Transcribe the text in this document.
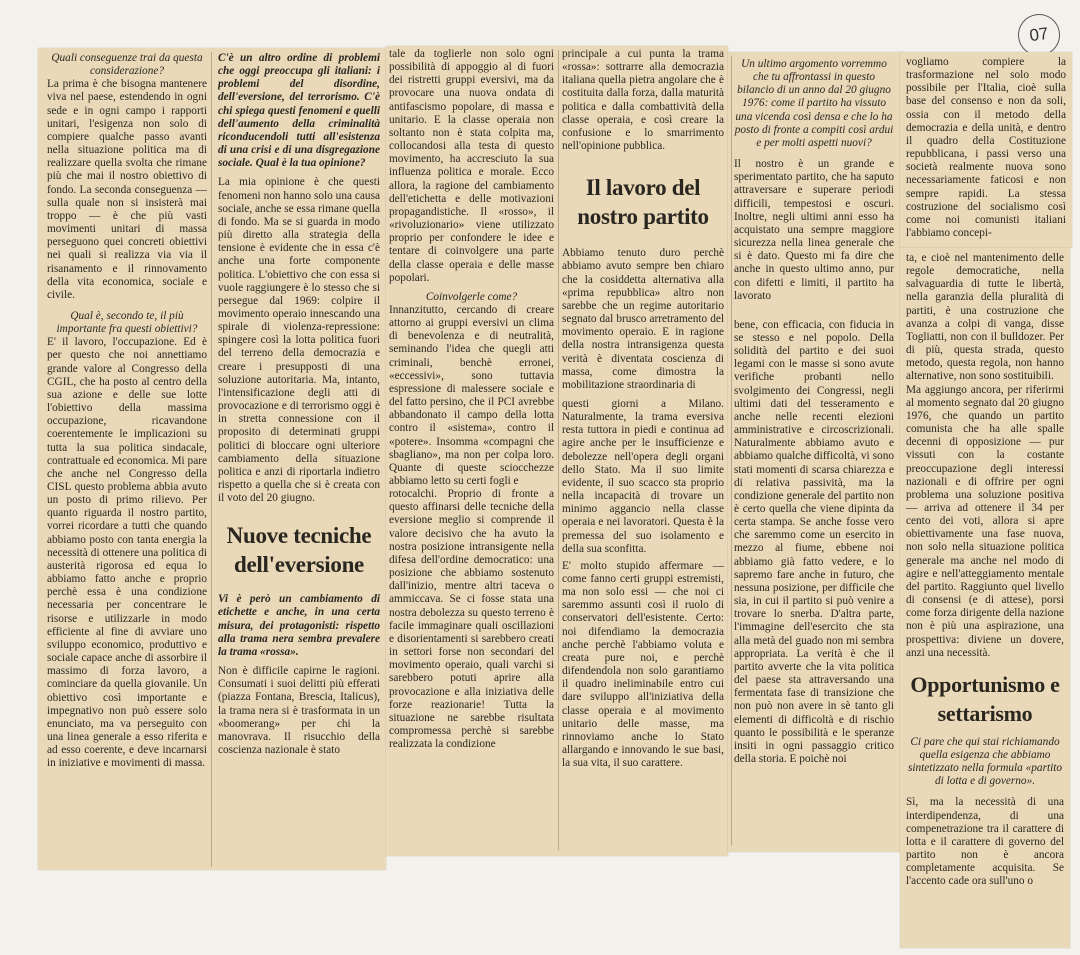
07

Quali conseguenze trai da questa considerazione?

La prima è che bisogna mantenere viva nel paese, estendendo in ogni sede e in ogni campo i rapporti unitari, l'esigenza non solo di compiere qualche passo avanti nella situazione politica ma di realizzare quella svolta che rimane più che mai il nostro obiettivo di fondo. La seconda conseguenza — sulla quale non si insisterà mai troppo — è che più vasti movimenti unitari di massa perseguono quei concreti obiettivi nei quali si realizza via via il risanamento e il rinnovamento della vita economica, sociale e civile.

Qual è, secondo te, il più importante fra questi obiettivi?

E' il lavoro, l'occupazione. Ed è per questo che noi annettiamo grande valore al Congresso della CGIL, che ha posto al centro della sua azione e delle sue lotte l'obiettivo della massima occupazione, ricavandone coerentemente le implicazioni su tutta la sua politica sindacale, contrattuale ed economica. Mi pare che anche nel Congresso della CISL questo problema abbia avuto un posto di primo rilievo. Per quanto riguarda il nostro partito, vorrei ricordare a tutti che quando abbiamo posto con tanta energia la necessità di ottenere una politica di austerità rigorosa ed equa lo abbiamo fatto anche e proprio perchè essa è una condizione necessaria per concentrare le risorse e utilizzarle in modo efficiente al fine di avviare uno sviluppo economico, produttivo e sociale capace anche di assorbire il massimo di forza lavoro, a cominciare da quella giovanile. Un obiettivo così importante e impegnativo non può essere solo enunciato, ma va perseguito con una linea generale a esso riferita e ad esso coerente, e deve incarnarsi in iniziative e movimenti di massa.

C'è un altro ordine di problemi che oggi preoccupa gli italiani: i problemi del disordine, dell'eversione, del terrorismo. C'è chi spiega questi fenomeni e quelli dell'aumento della criminalità riconducendoli tutti all'esistenza di una crisi e di una disgregazione sociale. Qual è la tua opinione?

La mia opinione è che questi fenomeni non hanno solo una causa sociale, anche se essa rimane quella di fondo. Ma se si guarda in modo più diretto alla strategia della tensione è evidente che in essa c'è anche una forte componente politica. L'obiettivo che con essa si vuole raggiungere è lo stesso che si persegue dal 1969: colpire il movimento operaio innescando una spirale di violenza-repressione: spingere così la lotta politica fuori del terreno della democrazia e creare i presupposti di una soluzione autoritaria. Ma, intanto, l'intensificazione degli atti di provocazione e di terrorismo oggi è in stretta connessione con il proposito di determinati gruppi politici di bloccare ogni ulteriore cambiamento della situazione politica e anzi di riportarla indietro rispetto a quella che si è creata con il voto del 20 giugno.

Nuove tecniche dell'eversione

Vi è però un cambiamento di etichette e anche, in una certa misura, dei protagonisti: rispetto alla trama nera sembra prevalere la trama «rossa».

Non è difficile capirne le ragioni. Consumati i suoi delitti più efferati (piazza Fontana, Brescia, Italicus), la trama nera si è trasformata in un «boomerang» per chi la manovrava. Il risucchio della coscienza nazionale è stato

tale da toglierle non solo ogni possibilità di appoggio al di fuori dei ristretti gruppi eversivi, ma da provocare una nuova ondata di antifascismo popolare, di massa e unitario. E la classe operaia non soltanto non è stata colpita ma, collocandosi alla testa di questo movimento, ha accresciuto la sua influenza politica e morale. Ecco allora, la ragione del cambiamento dell'etichetta e delle motivazioni propagandistiche. Il «rosso», il «rivoluzionario» viene utilizzato proprio per confondere le idee e tentare di coinvolgere una parte della classe operaia e delle masse popolari.

Coinvolgerle come?

Innanzitutto, cercando di creare attorno ai gruppi eversivi un clima di benevolenza e di neutralità, seminando l'idea che quegli atti criminali, benchè erronei, «eccessivi», sono tuttavia espressione di malessere sociale e del fatto persino, che il PCI avrebbe abbandonato il campo della lotta contro il «sistema», contro il «potere». Insomma «compagni che sbagliano», ma non per colpa loro. Quante di queste sciocchezze abbiamo letto su certi fogli e

rotocalchi. Proprio di fronte a questo affinarsi delle tecniche della eversione meglio si comprende il valore decisivo che ha avuto la nostra posizione intransigente nella difesa dell'ordine democratico: una posizione che abbiamo sostenuto dall'inizio, mentre altri taceva o ammiccava. Se ci fosse stata una nostra debolezza su questo terreno è facile immaginare quali oscillazioni e disorientamenti si sarebbero creati in settori forse non secondari del movimento operaio, quali varchi si sarebbero potuti aprire alla provocazione e alla iniziativa delle forze reazionarie! Tutta la situazione ne sarebbe risultata compromessa perchè si sarebbe realizzata la condizione

principale a cui punta la trama «rossa»: sottrarre alla democrazia italiana quella pietra angolare che è costituita dalla forza, dalla maturità politica e dalla combattività della classe operaia, e così creare la confusione e lo smarrimento nell'opinione pubblica.

Il lavoro del nostro partito

Abbiamo tenuto duro perchè abbiamo avuto sempre ben chiaro che la cosiddetta alternativa alla «prima repubblica» altro non sarebbe che un regime autoritario segnato dal brusco arretramento del movimento operaio. E in ragione della nostra intransigenza questa verità è diventata coscienza di massa, come dimostra la mobilitazione straordinaria di

questi giorni a Milano. Naturalmente, la trama eversiva resta tuttora in piedi e continua ad agire anche per le insufficienze e debolezze nell'opera degli organi dello Stato. Ma il suo limite evidente, il suo scacco sta proprio nella incapacità di trovare un minimo aggancio nella classe operaia e nei lavoratori. Questa è la premessa del suo isolamento e della sua sconfitta.

E' molto stupido affermare — come fanno certi gruppi estremisti, ma non solo essi — che noi ci saremmo assunti così il ruolo di conservatori dell'esistente. Certo: noi difendiamo la democrazia anche perchè l'abbiamo voluta e creata pure noi, e perchè difendendola non solo garantiamo il quadro ineliminabile entro cui dare sviluppo all'iniziativa della classe operaia e al movimento unitario delle masse, ma rinnoviamo anche lo Stato allargando e innovando le sue basi, la sua vita, il suo carattere.

Un ultimo argomento vorremmo che tu affrontassi in questo bilancio di un anno dal 20 giugno 1976: come il partito ha vissuto una vicenda così densa e che lo ha posto di fronte a compiti così ardui e per molti aspetti nuovi?

Il nostro è un grande e sperimentato partito, che ha saputo attraversare e superare periodi difficili, tempestosi e oscuri. Inoltre, negli ultimi anni esso ha acquistato una sempre maggiore sicurezza nella linea generale che si è dato. Questo mi fa dire che anche in questo ultimo anno, pur con difetti e limiti, il partito ha lavorato

bene, con efficacia, con fiducia in se stesso e nel popolo. Della solidità del partito e dei suoi legami con le masse si sono avute verifiche probanti nello svolgimento dei Congressi, negli ultimi dati del tesseramento e anche nelle recenti elezioni amministrative e circoscrizionali. Naturalmente abbiamo avuto e abbiamo qualche difficoltà, vi sono stati momenti di scarsa chiarezza e di relativa passività, ma la condizione generale del partito non è certo quella che viene dipinta da certa stampa. Se anche fosse vero che saremmo come un esercito in mezzo al fiume, ebbene noi abbiamo già fatto vedere, e lo sapremo fare anche in futuro, che nessuna posizione, per difficile che sia, in cui il partito si può venire a trovare lo snerba. D'altra parte, l'immagine dell'esercito che sta alla metà del guado non mi sembra appropriata. La verità è che il partito avverte che la vita politica del paese sta attraversando una fermentata fase di transizione che non può non avere in sè tanto gli elementi di difficoltà e di rischio quanto le possibilità e le speranze insiti in ogni passaggio critico della storia. E poichè noi

vogliamo compiere la trasformazione nel solo modo possibile per l'Italia, cioè sulla base del consenso e non da soli, ossia con il metodo della democrazia e della unità, e dentro il quadro della Costituzione repubblicana, i passi verso una società realmente nuova sono necessariamente faticosi e non sempre rapidi. La stessa costruzione del socialismo così come noi comunisti italiani l'abbiamo concepi-

ta, e cioè nel mantenimento delle regole democratiche, nella salvaguardia di tutte le libertà, nella garanzia della pluralità di partiti, è una costruzione che avanza a colpi di vanga, disse Togliatti, non con il bulldozer. Per di più, questa strada, questo metodo, questa regola, non hanno alternative, non sono sostituibili.

Ma aggiungo ancora, per riferirmi al momento segnato dal 20 giugno 1976, che quando un partito comunista che ha alle spalle decenni di opposizione — pur vissuti con la costante preoccupazione degli interessi nazionali e di offrire per ogni problema una soluzione positiva — arriva ad ottenere il 34 per cento dei voti, allora si apre obiettivamente una fase nuova, non solo nella situazione politica generale ma anche nel modo di agire e nell'atteggiamento mentale del partito. Raggiunto quel livello di consensi (e di attese), porsi come forza dirigente della nazione non è più una aspirazione, una prospettiva: diviene un dovere, anzi una necessità.

Opportunismo e settarismo

Ci pare che qui stai richiamando quella esigenza che abbiamo sintetizzato nella formula «partito di lotta e di governo».

Sì, ma la necessità di una interdipendenza, di una compenetrazione tra il carattere di lotta e il carattere di governo del partito non è ancora completamente acquisita. Se l'accento cade ora sull'uno o
